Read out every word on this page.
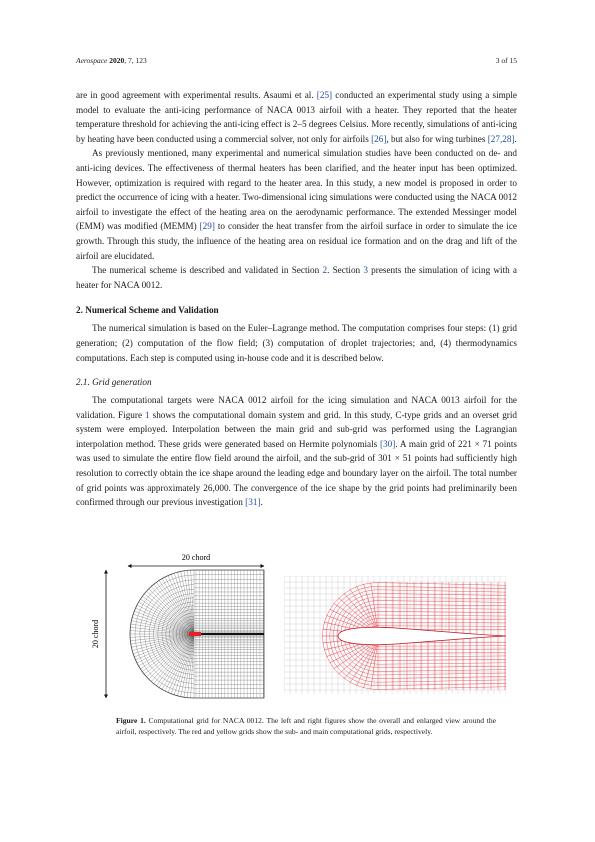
Aerospace 2020, 7, 123	3 of 15

are in good agreement with experimental results. Asaumi et al. [25] conducted an experimental study using a simple model to evaluate the anti-icing performance of NACA 0013 airfoil with a heater. They reported that the heater temperature threshold for achieving the anti-icing effect is 2–5 degrees Celsius. More recently, simulations of anti-icing by heating have been conducted using a commercial solver, not only for airfoils [26], but also for wing turbines [27,28].

As previously mentioned, many experimental and numerical simulation studies have been conducted on de- and anti-icing devices. The effectiveness of thermal heaters has been clarified, and the heater input has been optimized. However, optimization is required with regard to the heater area. In this study, a new model is proposed in order to predict the occurrence of icing with a heater. Two-dimensional icing simulations were conducted using the NACA 0012 airfoil to investigate the effect of the heating area on the aerodynamic performance. The extended Messinger model (EMM) was modified (MEMM) [29] to consider the heat transfer from the airfoil surface in order to simulate the ice growth. Through this study, the influence of the heating area on residual ice formation and on the drag and lift of the airfoil are elucidated.

The numerical scheme is described and validated in Section 2. Section 3 presents the simulation of icing with a heater for NACA 0012.

2. Numerical Scheme and Validation

The numerical simulation is based on the Euler–Lagrange method. The computation comprises four steps: (1) grid generation; (2) computation of the flow field; (3) computation of droplet trajectories; and, (4) thermodynamics computations. Each step is computed using in-house code and it is described below.

2.1. Grid generation

The computational targets were NACA 0012 airfoil for the icing simulation and NACA 0013 airfoil for the validation. Figure 1 shows the computational domain system and grid. In this study, C-type grids and an overset grid system were employed. Interpolation between the main grid and sub-grid was performed using the Lagrangian interpolation method. These grids were generated based on Hermite polynomials [30]. A main grid of 221 × 71 points was used to simulate the entire flow field around the airfoil, and the sub-grid of 301 × 51 points had sufficiently high resolution to correctly obtain the ice shape around the leading edge and boundary layer on the airfoil. The total number of grid points was approximately 26,000. The convergence of the ice shape by the grid points had preliminarily been confirmed through our previous investigation [31].

20 chord
20 chord
Figure 1. Computational grid for NACA 0012. The left and right figures show the overall and enlarged view around the airfoil, respectively. The red and yellow grids show the sub- and main computational grids, respectively.
